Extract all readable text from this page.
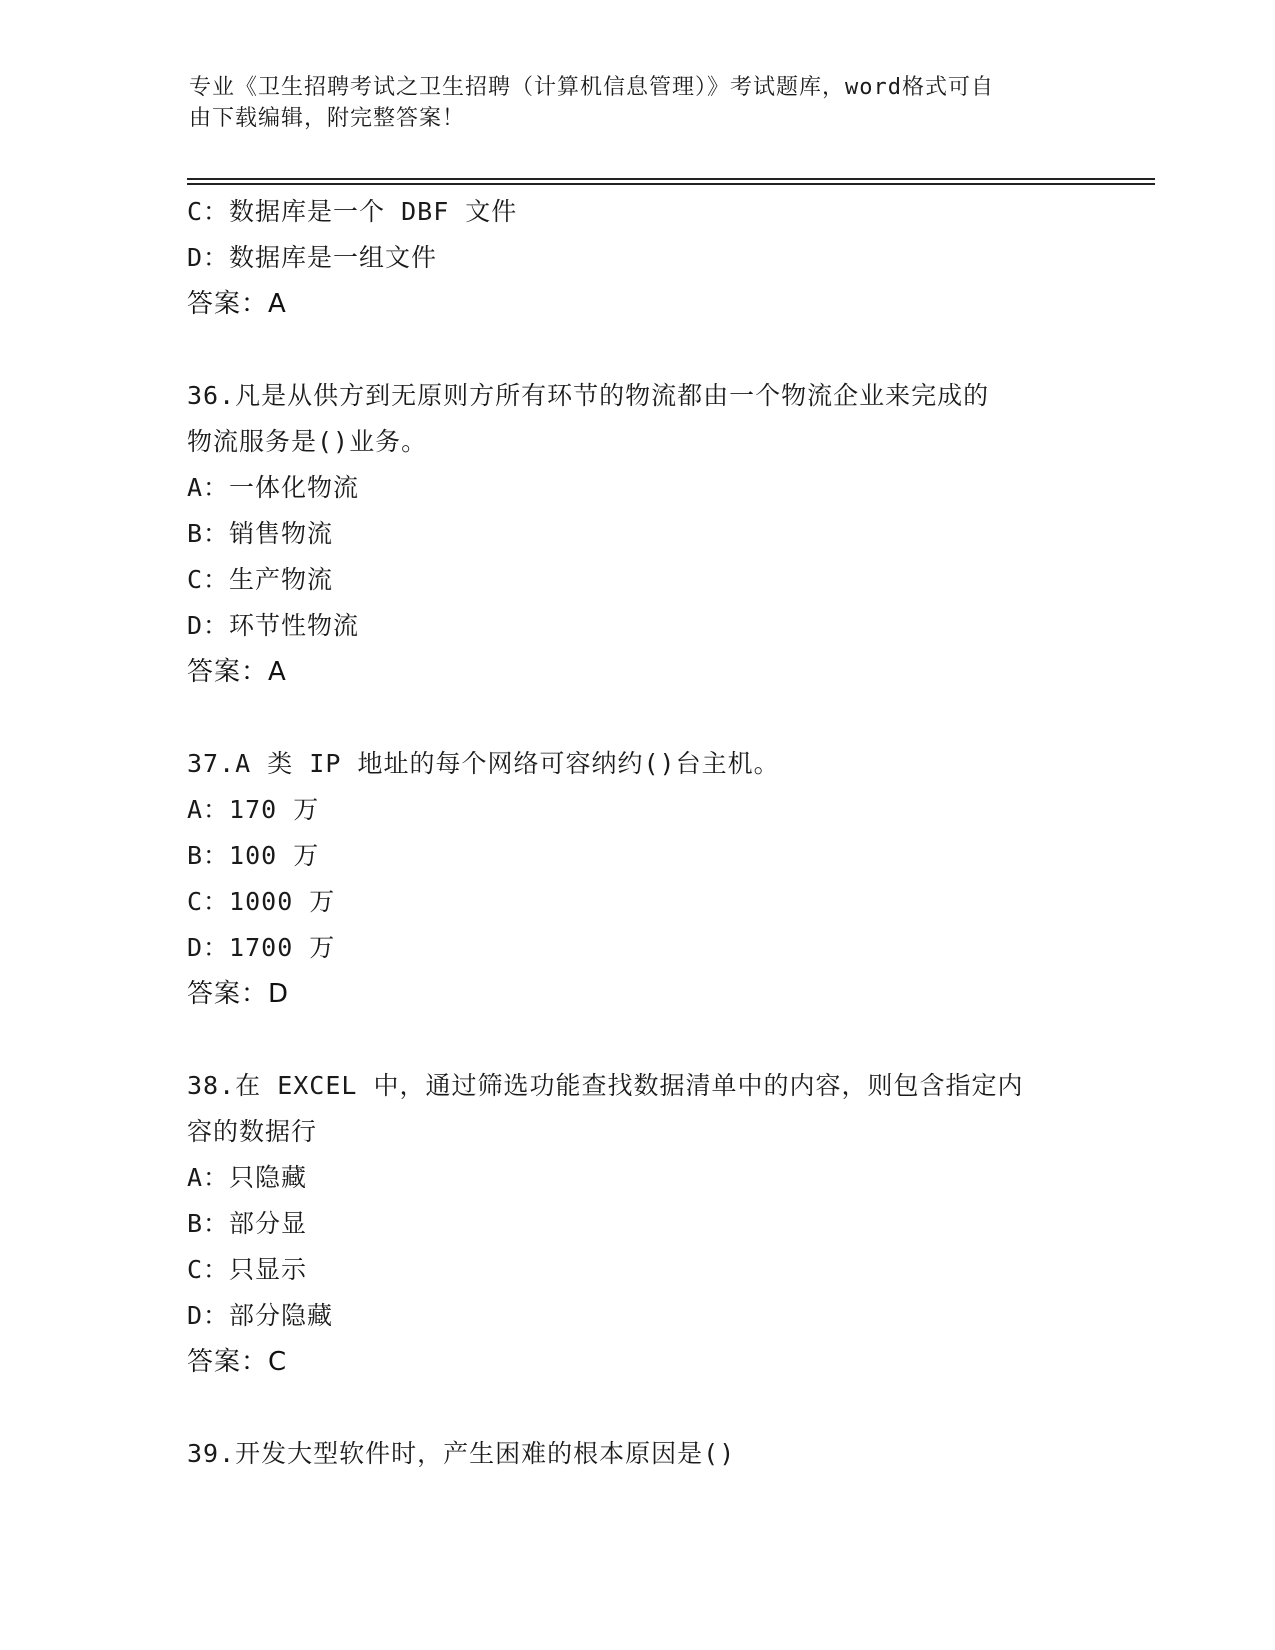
专业《卫生招聘考试之卫生招聘（计算机信息管理）》考试题库，word格式可自
由下载编辑，附完整答案！
C：数据库是一个 DBF 文件
D：数据库是一组文件
答案：A
36.凡是从供方到无原则方所有环节的物流都由一个物流企业来完成的
物流服务是()业务。
A：一体化物流
B：销售物流
C：生产物流
D：环节性物流
答案：A
37.A 类 IP 地址的每个网络可容纳约()台主机。
A：170 万
B：100 万
C：1000 万
D：1700 万
答案：D
38.在 EXCEL 中，通过筛选功能查找数据清单中的内容，则包含指定内
容的数据行
A：只隐藏
B：部分显
C：只显示
D：部分隐藏
答案：C
39.开发大型软件时，产生困难的根本原因是()
